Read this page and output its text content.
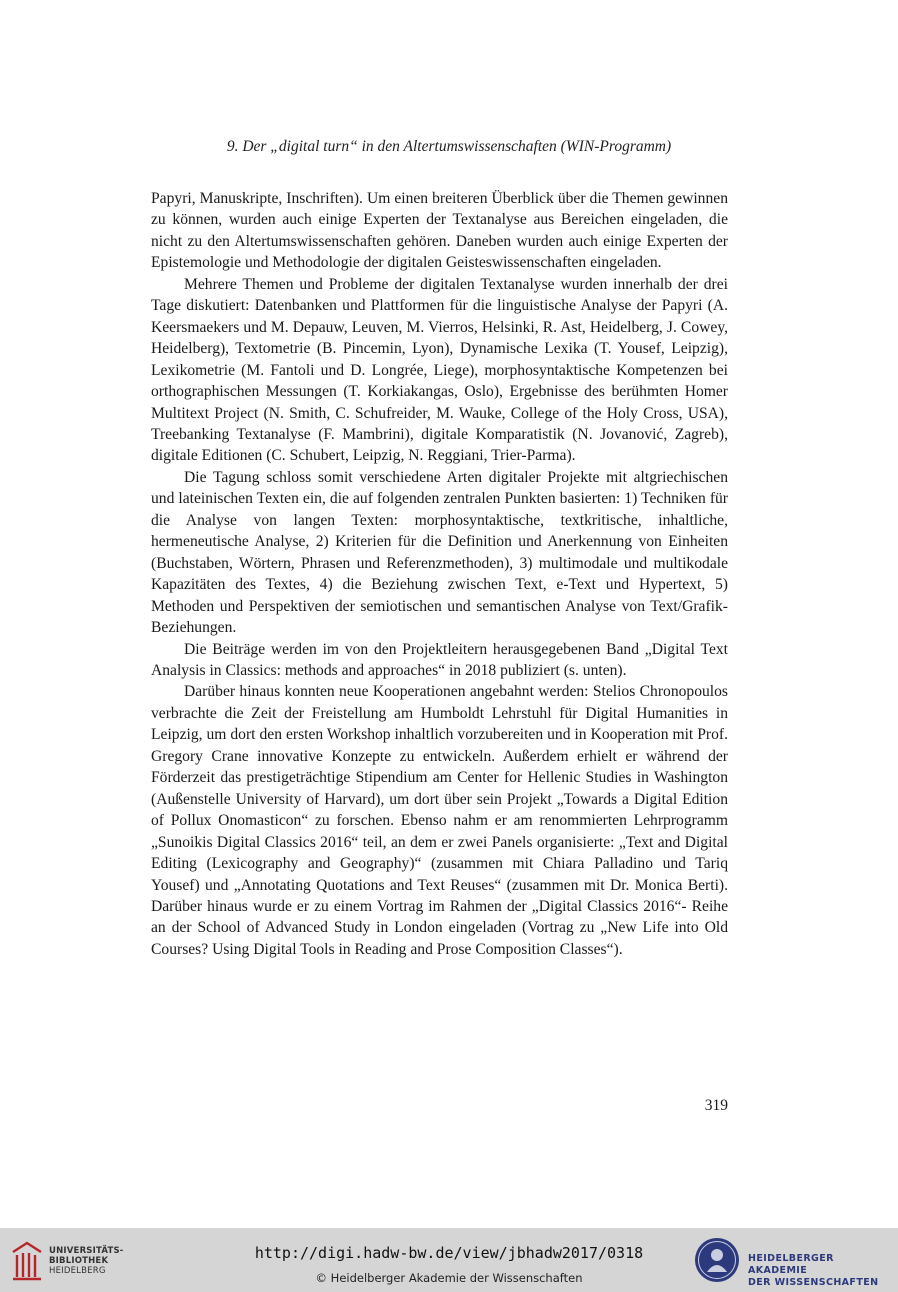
9. Der „digital turn“ in den Altertumswissenschaften (WIN-Programm)

Papyri, Manuskripte, Inschriften). Um einen breiteren Überblick über die Themen gewinnen zu können, wurden auch einige Experten der Textanalyse aus Bereichen eingeladen, die nicht zu den Altertumswissenschaften gehören. Daneben wurden auch einige Experten der Epistemologie und Methodologie der digitalen Geisteswissenschaften eingeladen.

Mehrere Themen und Probleme der digitalen Textanalyse wurden innerhalb der drei Tage diskutiert: Datenbanken und Plattformen für die linguistische Analyse der Papyri (A. Keersmaekers und M. Depauw, Leuven, M. Vierros, Helsinki, R. Ast, Heidelberg, J. Cowey, Heidelberg), Textometrie (B. Pincemin, Lyon), Dynamische Lexika (T. Yousef, Leipzig), Lexikometrie (M. Fantoli und D. Longrée, Liege), morphosyntaktische Kompetenzen bei orthographischen Messungen (T. Korkiakangas, Oslo), Ergebnisse des berühmten Homer Multitext Project (N. Smith, C. Schufreider, M. Wauke, College of the Holy Cross, USA), Treebanking Textanalyse (F. Mambrini), digitale Komparatistik (N. Jovanović, Zagreb), digitale Editionen (C. Schubert, Leipzig, N. Reggiani, Trier-Parma).

Die Tagung schloss somit verschiedene Arten digitaler Projekte mit altgriechischen und lateinischen Texten ein, die auf folgenden zentralen Punkten basierten: 1) Techniken für die Analyse von langen Texten: morphosyntaktische, textkritische, inhaltliche, hermeneutische Analyse, 2) Kriterien für die Definition und Anerkennung von Einheiten (Buchstaben, Wörtern, Phrasen und Referenzmethoden), 3) multimodale und multikodale Kapazitäten des Textes, 4) die Beziehung zwischen Text, e-Text und Hypertext, 5) Methoden und Perspektiven der semiotischen und semantischen Analyse von Text/Grafik-Beziehungen.

Die Beiträge werden im von den Projektleitern herausgegebenen Band „Digital Text Analysis in Classics: methods and approaches“ in 2018 publiziert (s. unten).

Darüber hinaus konnten neue Kooperationen angebahnt werden: Stelios Chronopoulos verbrachte die Zeit der Freistellung am Humboldt Lehrstuhl für Digital Humanities in Leipzig, um dort den ersten Workshop inhaltlich vorzubereiten und in Kooperation mit Prof. Gregory Crane innovative Konzepte zu entwickeln. Außerdem erhielt er während der Förderzeit das prestigeträchtige Stipendium am Center for Hellenic Studies in Washington (Außenstelle University of Harvard), um dort über sein Projekt „Towards a Digital Edition of Pollux Onomasticon“ zu forschen. Ebenso nahm er am renommierten Lehrprogramm „Sunoikis Digital Classics 2016“ teil, an dem er zwei Panels organisierte: „Text and Digital Editing (Lexicography and Geography)“ (zusammen mit Chiara Palladino und Tariq Yousef) und „Annotating Quotations and Text Reuses“ (zusammen mit Dr. Monica Berti). Darüber hinaus wurde er zu einem Vortrag im Rahmen der „Digital Classics 2016“- Reihe an der School of Advanced Study in London eingeladen (Vortrag zu „New Life into Old Courses? Using Digital Tools in Reading and Prose Composition Classes“).

319
UNIVERSITÄTS-
BIBLIOTHEK
HEIDELBERG
http://digi.hadw-bw.de/view/jbhadw2017/0318
© Heidelberger Akademie der Wissenschaften
HEIDELBERGER AKADEMIE
DER WISSENSCHAFTEN
